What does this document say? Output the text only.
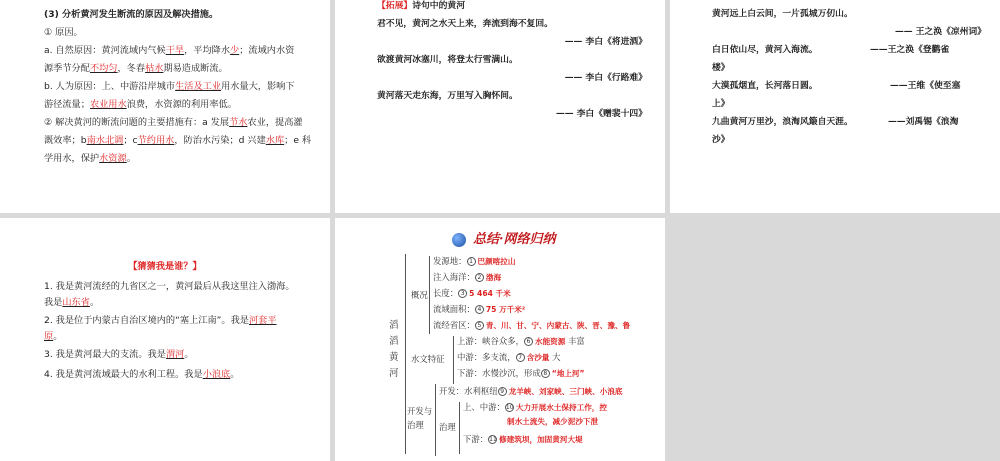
(3) 分析黄河发生断流的原因及解决措施。
① 原因。
a. 自然原因：黄河流域内气候干旱，平均降水少；流域内水资
源季节分配不均匀，冬春枯水期易造成断流。
b. 人为原因：上、中游沿岸城市生活及工业用水量大，影响下
游径流量；农业用水浪费，水资源的利用率低。
② 解决黄河的断流问题的主要措施有：a 发展节水农业，提高灌
溉效率；b南水北调；c节约用水，防治水污染；d 兴建水库；e 科
学用水，保护水资源。
【拓展】诗句中的黄河
君不见，黄河之水天上来，奔流到海不复回。
—— 李白《将进酒》
欲渡黄河冰塞川，将登太行雪满山。
—— 李白《行路难》
黄河落天走东海，万里写入胸怀间。
—— 李白《赠裴十四》
黄河远上白云间，一片孤城万仞山。
—— 王之涣《凉州词》
白日依山尽，黄河入海流。	——王之涣《登鹳雀
楼》
大漠孤烟直，长河落日圆。	——王维《使至塞
上》
九曲黄河万里沙，浪淘风簸自天涯。	——刘禹锡《浪淘
沙》
【猜猜我是谁？】
1. 我是黄河流经的九省区之一，黄河最后从我这里注入渤海。
我是山东省。
2. 我是位于内蒙古自治区境内的“塞上江南”。我是河套平
原。
3. 我是黄河最大的支流。我是渭河。
4. 我是黄河流域最大的水利工程。我是小浪底。
总结·网络归纳
滔滔黄河
概况
发源地： 1 巴颜喀拉山
注入海洋： 2 渤海
长度： 3 5 464 千米
流域面积： 4 75 万千米²
流经省区： 5 青、川、甘、宁、内蒙古、陕、晋、豫、鲁
水文特征
上游：峡谷众多， 6 水能资源 丰富
中游：多支流， 7 含沙量 大
下游：水慢沙沉，形成 8 “地上河”
开发与治理
开发：水利枢纽 9 龙羊峡、刘家峡、三门峡、小浪底
治理
上、中游：10 大力开展水土保持工作，控
制水土流失，减少泥沙下泄
下游：11 修建筑坝，加固黄河大堤
